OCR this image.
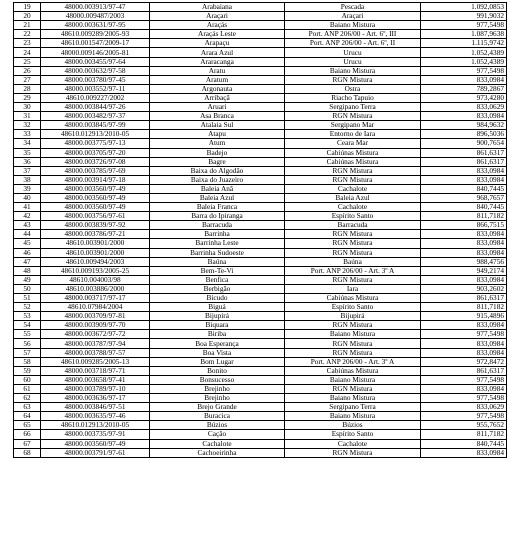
19	48000.003913/97-47	Arabaiana	Pescada	1.092,0853
20	48000.009487/2003	Araçari	Araçari	991,9032
21	48000.003631/97-95	Araçás	Baiano Mistura	977,5498
22	48610.009289/2005-93	Araçás Leste	Port. ANP 206/00 - Art. 6º, III	1.087,9638
23	48610.001547/2009-17	Arapaçu	Port. ANP 206/00 - Art. 6º, II	1.115,9742
24	48000.009146/2005-81	Arara Azul	Urucu	1.052,4389
25	48000.003455/97-64	Araracanga	Urucu	1.052,4389
26	48000.003632/97-58	Aratu	Baiano Mistura	977,5498
27	48000.003780/97-45	Aratum	RGN Mistura	833,0984
28	48000.003552/97-11	Argonauta	Ostra	789,2867
29	48610.009227/2002	Arribaçã	Riacho Tapuio	973,4280
30	48000.003844/97-26	Aruari	Sergipano Terra	833,0629
31	48000.003482/97-37	Asa Branca	RGN Mistura	833,0984
32	48000.003845/97-99	Atalaia Sul	Sergipano Mar	984,9632
33	48610.012913/2010-05	Atapu	Entorno de Iara	896,5036
34	48000.003775/97-13	Atum	Ceara Mar	900,7654
35	48000.003705/97-20	Badejo	Cabiúnas Mistura	861,6317
36	48000.003726/97-08	Bagre	Cabiúnas Mistura	861,6317
37	48000.003785/97-69	Baixa do Algodão	RGN Mistura	833,0984
38	48000.003914/97-18	Baixa do Juazeiro	RGN Mistura	833,0984
39	48000.003560/97-49	Baleia Anã	Cachalote	840,7445
40	48000.003560/97-49	Baleia Azul	Baleia Azul	968,7657
41	48000.003560/97-49	Baleia Franca	Cachalote	840,7445
42	48000.003756/97-61	Barra do Ipiranga	Espírito Santo	811,7182
43	48000.003839/97-92	Barracuda	Barracuda	866,7515
44	48000.003786/97-21	Barrinha	RGN Mistura	833,0984
45	48610.003901/2000	Barrinha Leste	RGN Mistura	833,0984
46	48610.003901/2000	Barrinha Sudoeste	RGN Mistura	833,0984
47	48610.009494/2003	Baúna	Baúna	988,4756
48	48610.009193/2005-25	Bem-Te-Vi	Port. ANP 206/00 - Art. 3º A	949,2174
49	48610.004003/98	Benfica	RGN Mistura	833,0984
50	48610.003886/2000	Berbigão	Iara	903,2602
51	48000.003717/97-17	Bicudo	Cabiúnas Mistura	861,6317
52	48610.07984/2004	Biguá	Espírito Santo	811,7182
53	48000.003709/97-81	Bijupirá	Bijupirá	915,4896
54	48000.003909/97-70	Biquara	RGN Mistura	833,0984
55	48000.003672/97-72	Biriba	Baiano Mistura	977,5498
56	48000.003787/97-94	Boa Esperança	RGN Mistura	833,0984
57	48000.003788/97-57	Boa Vista	RGN Mistura	833,0984
58	48610.009285/2005-13	Bom Lugar	Port. ANP 206/00 - Art. 3º A	972,8472
59	48000.003718/97-71	Bonito	Cabiúnas Mistura	861,6317
60	48000.003658/97-41	Bonsucesso	Baiano Mistura	977,5498
61	48000.003789/97-10	Brejinho	RGN Mistura	833,0984
62	48000.003636/97-17	Brejinho	Baiano Mistura	977,5498
63	48000.003846/97-51	Brejo Grande	Sergipano Terra	833,0629
64	48000.003635/97-46	Buracica	Baiano Mistura	977,5498
65	48610.012913/2010-05	Búzios	Búzios	955,7652
66	48000.003735/97-91	Cação	Espírito Santo	811,7182
67	48000.003560/97-49	Cachalote	Cachalote	840,7445
68	48000.003791/97-61	Cachoeirinha	RGN Mistura	833,0984
